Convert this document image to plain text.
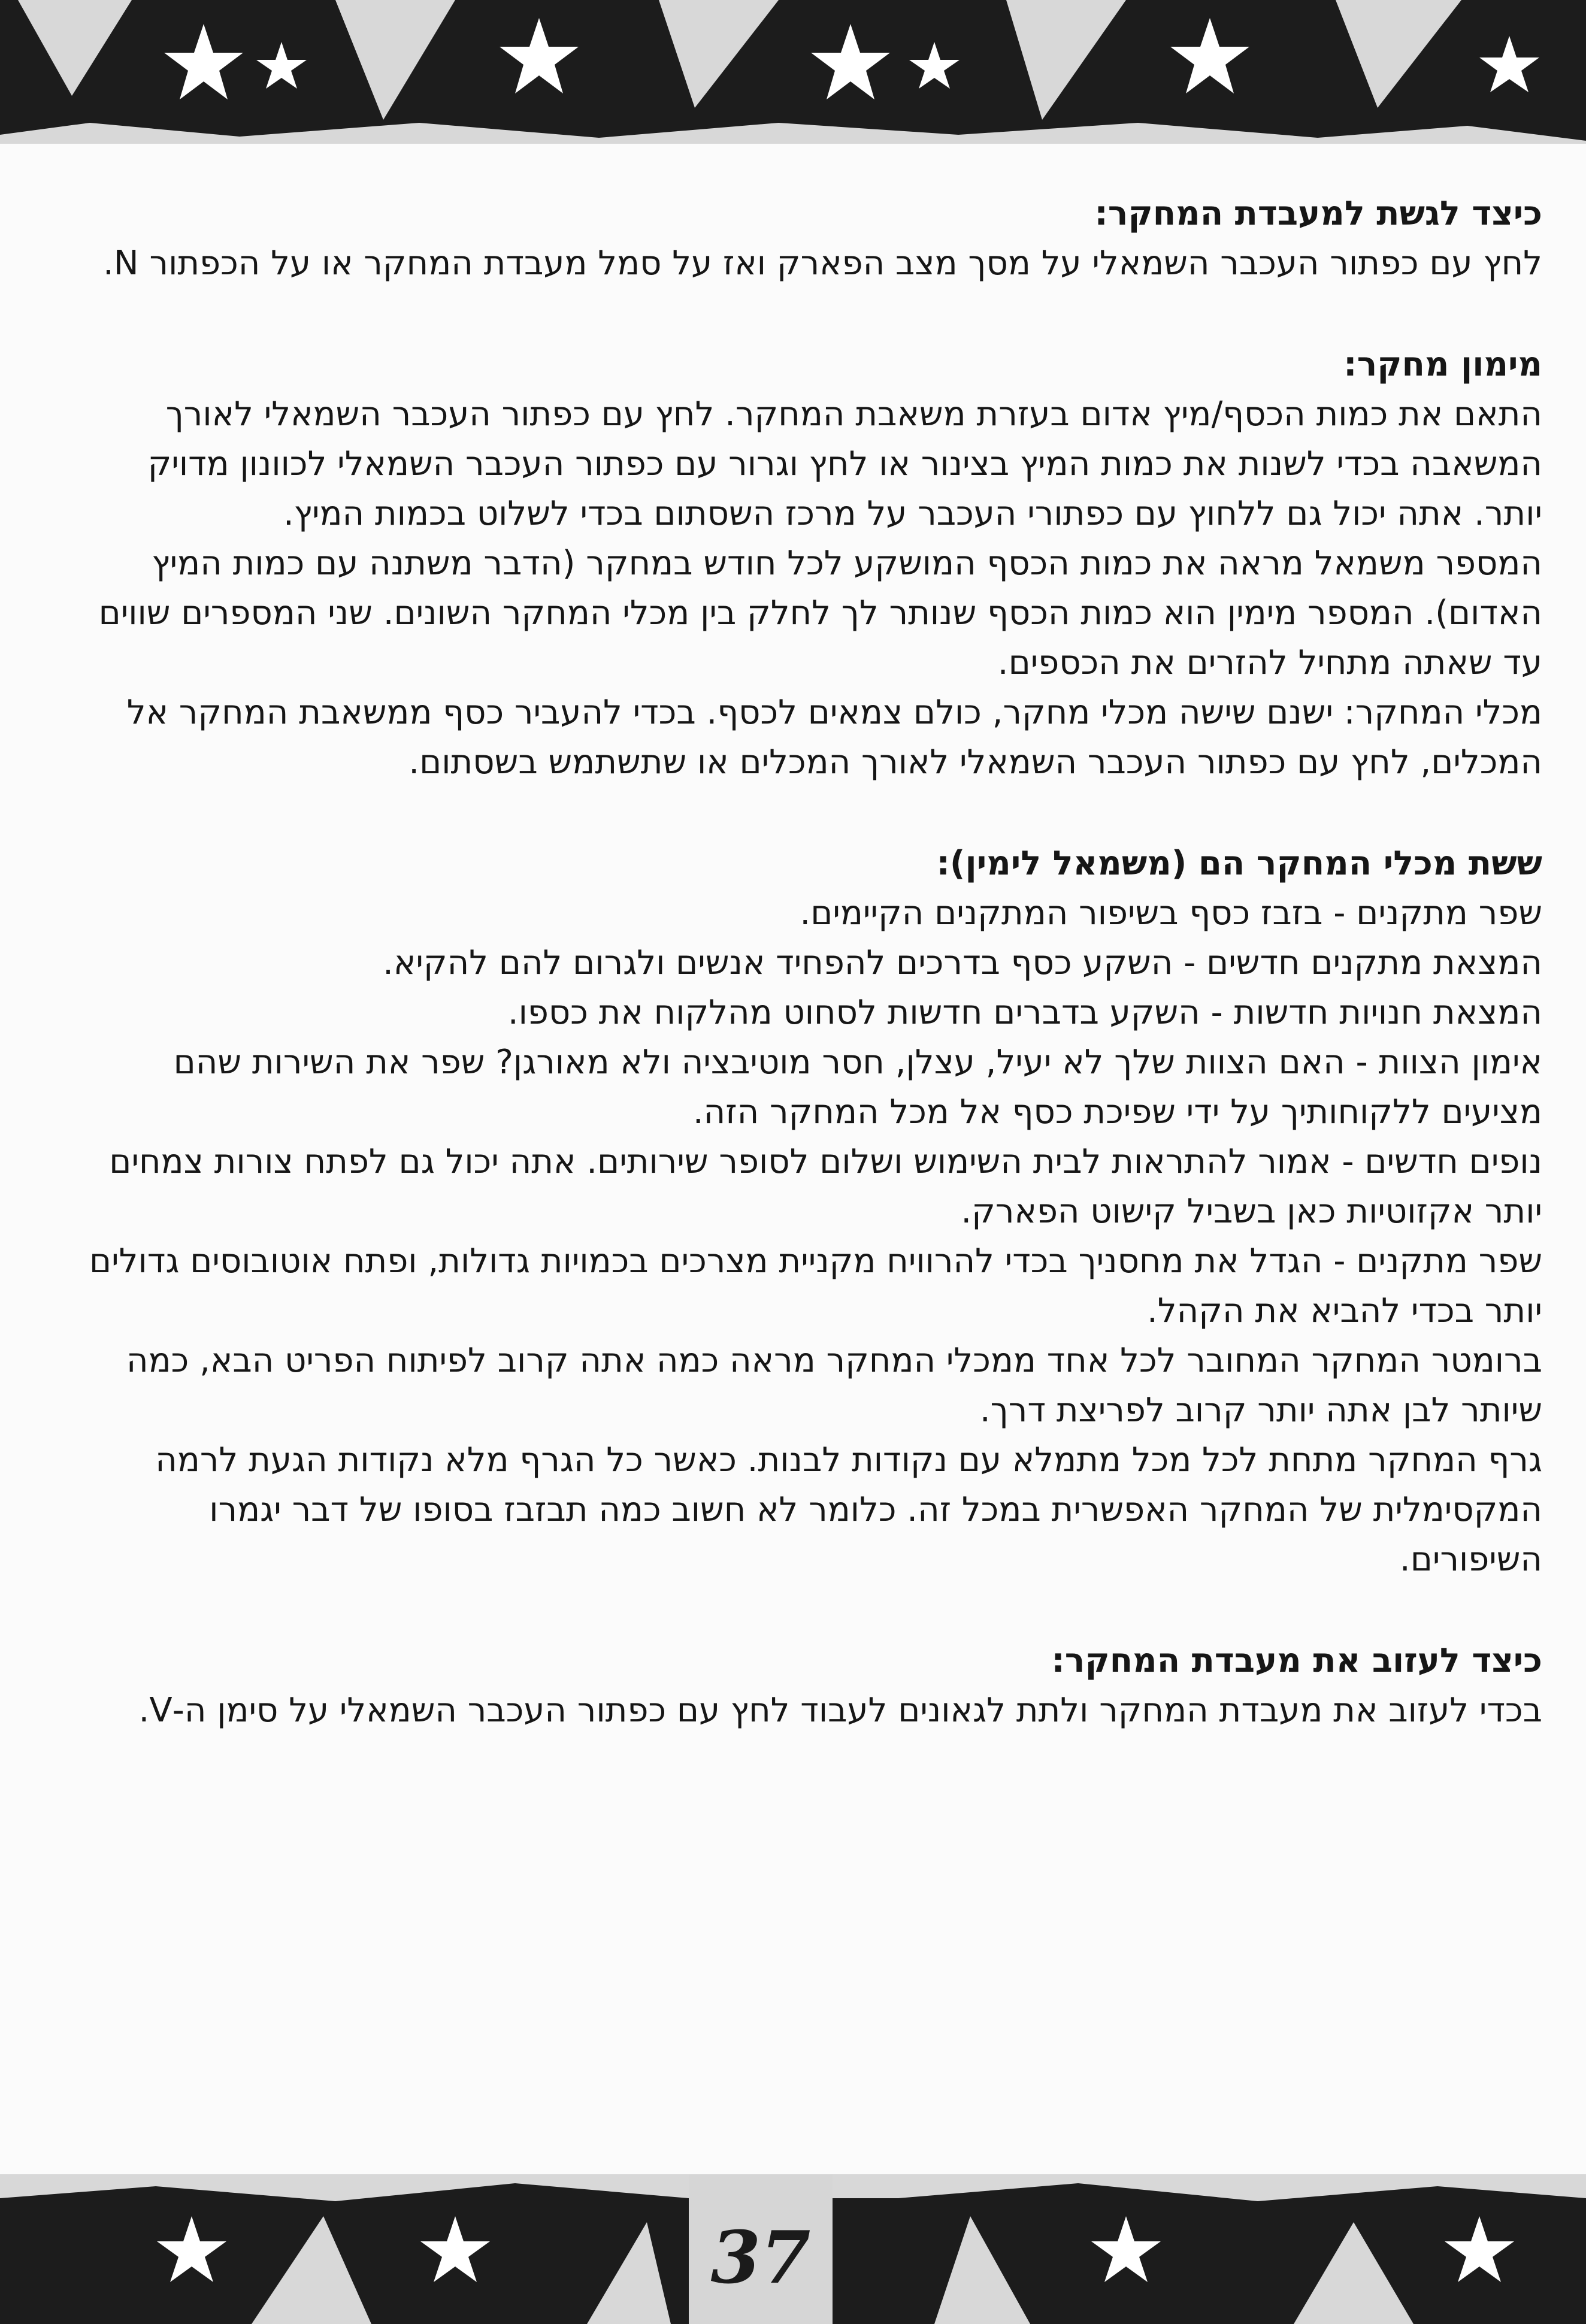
כיצד לגשת למעבדת המחקר:

לחץ עם כפתור העכבר השמאלי על מסך מצב הפארק ואז על סמל מעבדת המחקר או על הכפתור N.

מימון מחקר:

התאם את כמות הכסף/מיץ אדום בעזרת משאבת המחקר. לחץ עם כפתור העכבר השמאלי לאורך המשאבה בכדי לשנות את כמות המיץ בצינור או לחץ וגרור עם כפתור העכבר השמאלי לכוונון מדויק יותר. אתה יכול גם ללחוץ עם כפתורי העכבר על מרכז השסתום בכדי לשלוט בכמות המיץ.

המספר משמאל מראה את כמות הכסף המושקע לכל חודש במחקר (הדבר משתנה עם כמות המיץ האדום). המספר מימין הוא כמות הכסף שנותר לך לחלק בין מכלי המחקר השונים. שני המספרים שווים עד שאתה מתחיל להזרים את הכספים.

מכלי המחקר: ישנם שישה מכלי מחקר, כולם צמאים לכסף. בכדי להעביר כסף ממשאבת המחקר אל המכלים, לחץ עם כפתור העכבר השמאלי לאורך המכלים או שתשתמש בשסתום.

ששת מכלי המחקר הם (משמאל לימין):

שפר מתקנים - בזבז כסף בשיפור המתקנים הקיימים.

המצאת מתקנים חדשים - השקע כסף בדרכים להפחיד אנשים ולגרום להם להקיא.

המצאת חנויות חדשות - השקע בדברים חדשות לסחוט מהלקוח את כספו.

אימון הצוות - האם הצוות שלך לא יעיל, עצלן, חסר מוטיבציה ולא מאורגן? שפר את השירות שהם מציעים ללקוחותיך על ידי שפיכת כסף אל מכל המחקר הזה.

נופים חדשים - אמור להתראות לבית השימוש ושלום לסופר שירותים. אתה יכול גם לפתח צורות צמחים יותר אקזוטיות כאן בשביל קישוט הפארק.

שפר מתקנים - הגדל את מחסניך בכדי להרוויח מקניית מצרכים בכמויות גדולות, ופתח אוטובוסים גדולים יותר בכדי להביא את הקהל.

ברומטר המחקר המחובר לכל אחד ממכלי המחקר מראה כמה אתה קרוב לפיתוח הפריט הבא, כמה שיותר לבן אתה יותר קרוב לפריצת דרך.

גרף המחקר מתחת לכל מכל מתמלא עם נקודות לבנות. כאשר כל הגרף מלא נקודות הגעת לרמה המקסימלית של המחקר האפשרית במכל זה. כלומר לא חשוב כמה תבזבז בסופו של דבר יגמרו השיפורים.

כיצד לעזוב את מעבדת המחקר:

בכדי לעזוב את מעבדת המחקר ולתת לגאונים לעבוד לחץ עם כפתור העכבר השמאלי על סימן ה-V.

37
